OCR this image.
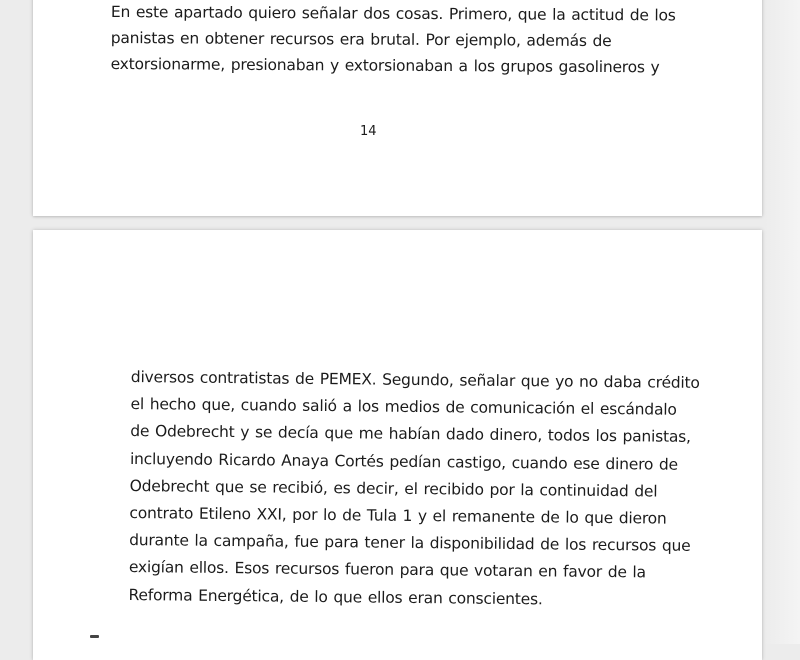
En este apartado quiero señalar dos cosas. Primero, que la actitud de los
panistas en obtener recursos era brutal. Por ejemplo, además de
extorsionarme, presionaban y extorsionaban a los grupos gasolineros y

14

diversos contratistas de PEMEX. Segundo, señalar que yo no daba crédito
el hecho que, cuando salió a los medios de comunicación el escándalo
de Odebrecht y se decía que me habían dado dinero, todos los panistas,
incluyendo Ricardo Anaya Cortés pedían castigo, cuando ese dinero de
Odebrecht que se recibió, es decir, el recibido por la continuidad del
contrato Etileno XXI, por lo de Tula 1 y el remanente de lo que dieron
durante la campaña, fue para tener la disponibilidad de los recursos que
exigían ellos. Esos recursos fueron para que votaran en favor de la
Reforma Energética, de lo que ellos eran conscientes.
